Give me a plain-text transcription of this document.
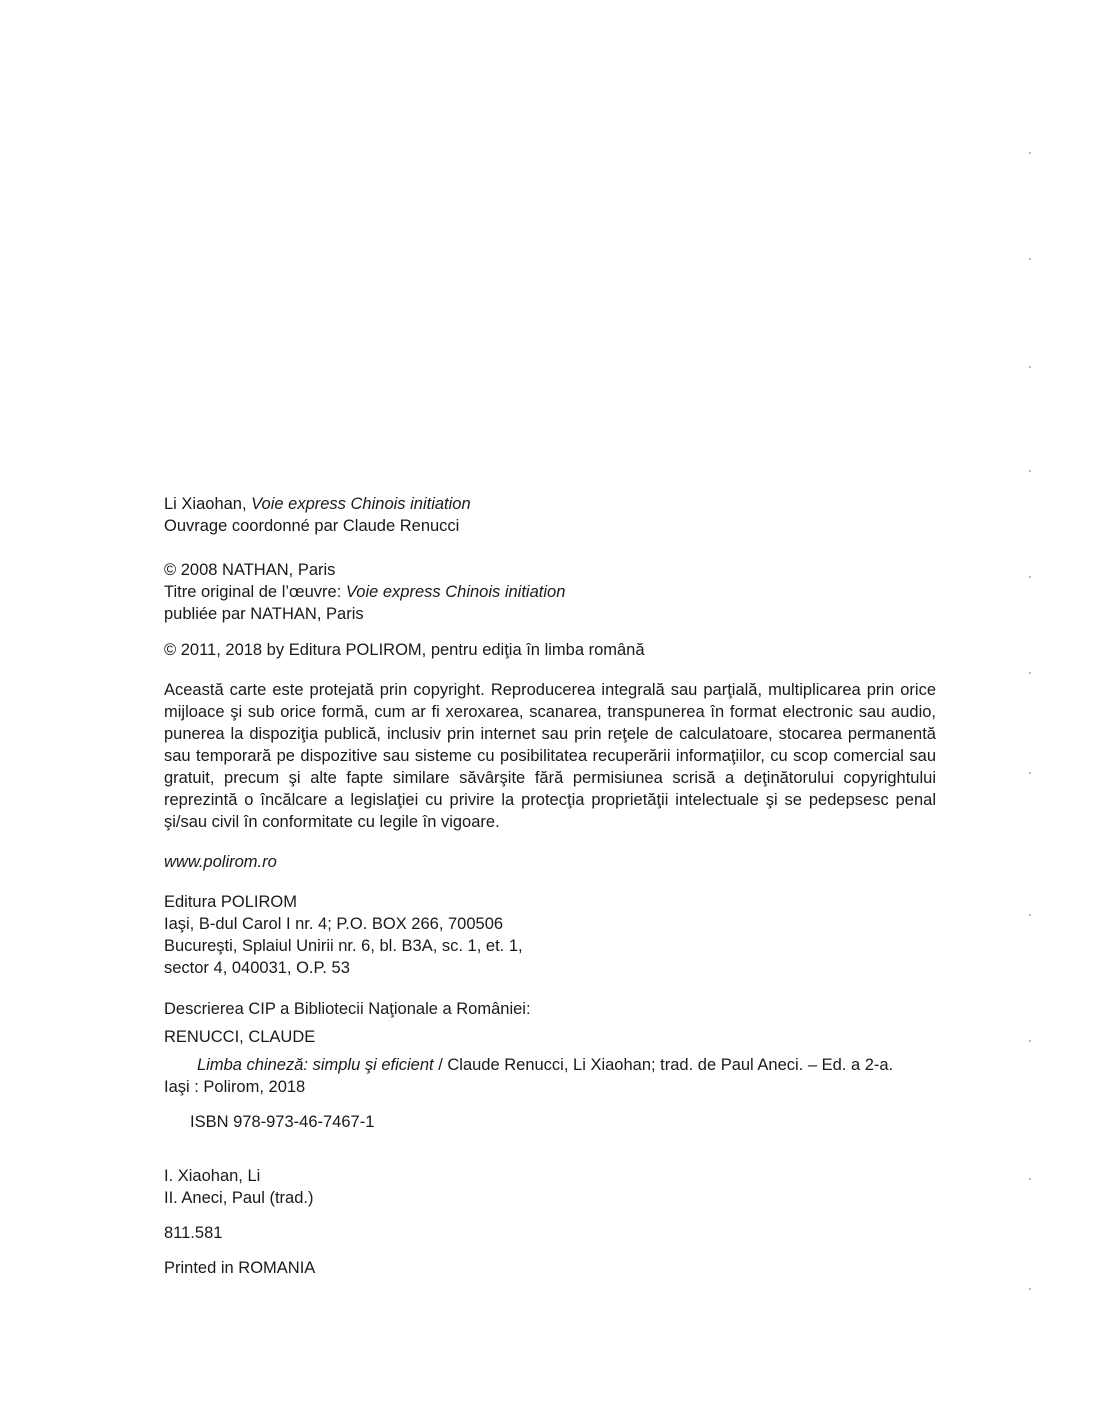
Li Xiaohan, Voie express Chinois initiation
Ouvrage coordonné par Claude Renucci
© 2008 NATHAN, Paris
Titre original de l’œuvre: Voie express Chinois initiation
publiée par NATHAN, Paris
© 2011, 2018 by Editura POLIROM, pentru ediţia în limba română

Această carte este protejată prin copyright. Reproducerea integrală sau parţială, multiplicarea prin orice mijloace şi sub orice formă, cum ar fi xeroxarea, scanarea, transpunerea în format electronic sau audio, punerea la dispoziţia publică, inclusiv prin internet sau prin reţele de calculatoare, stocarea permanentă sau temporară pe dispozitive sau sisteme cu posibilitatea recuperării informaţiilor, cu scop comercial sau gratuit, precum şi alte fapte similare săvârşite fără permisiunea scrisă a deţinătorului copyrightului reprezintă o încălcare a legislaţiei cu privire la protecţia proprietăţii intelectuale şi se pedepsesc penal şi/sau civil în conformitate cu legile în vigoare.

www.polirom.ro
Editura POLIROM
Iaşi, B-dul Carol I nr. 4; P.O. BOX 266, 700506
Bucureşti, Splaiul Unirii nr. 6, bl. B3A, sc. 1, et. 1,
sector 4, 040031, O.P. 53
Descrierea CIP a Bibliotecii Naţionale a României:
RENUCCI, CLAUDE
Limba chineză: simplu şi eficient / Claude Renucci, Li Xiaohan; trad. de Paul Aneci. – Ed. a 2-a.
Iaşi : Polirom, 2018
ISBN 978-973-46-7467-1
I. Xiaohan, Li
II. Aneci, Paul (trad.)
811.581
Printed in ROMANIA
